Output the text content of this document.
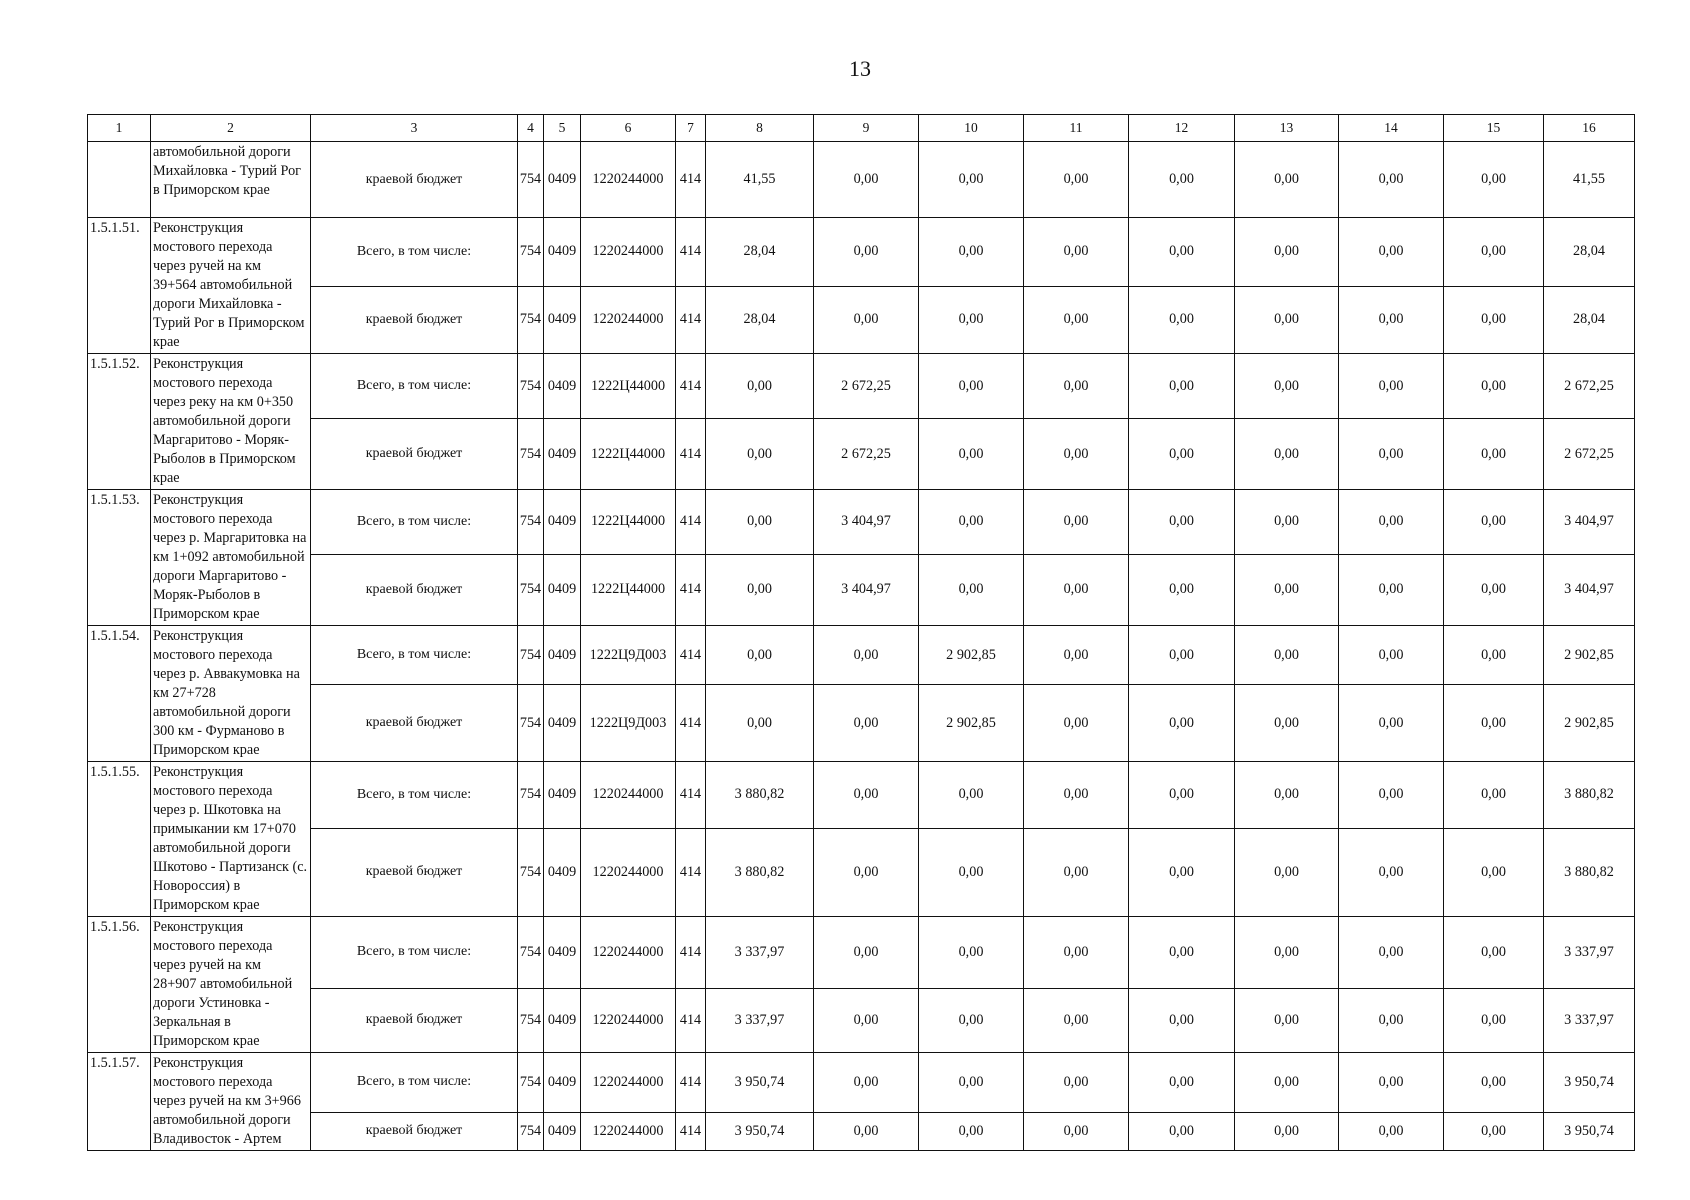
13
1	2	3	4	5	6	7	8	9	10	11	12	13	14	15	16
	автомобильной дороги Михайловка - Турий Рог в Приморском крае	краевой бюджет	754	0409	1220244000	414	41,55	0,00	0,00	0,00	0,00	0,00	0,00	0,00	41,55
1.5.1.51.	Реконструкция мостового перехода через ручей на км 39+564 автомобильной дороги Михайловка - Турий Рог в Приморском крае	Всего, в том числе:	754	0409	1220244000	414	28,04	0,00	0,00	0,00	0,00	0,00	0,00	0,00	28,04
		краевой бюджет	754	0409	1220244000	414	28,04	0,00	0,00	0,00	0,00	0,00	0,00	0,00	28,04
1.5.1.52.	Реконструкция мостового перехода через реку на км 0+350 автомобильной дороги Маргаритово - Моряк-Рыболов в Приморском крае	Всего, в том числе:	754	0409	1222Ц44000	414	0,00	2 672,25	0,00	0,00	0,00	0,00	0,00	0,00	2 672,25
		краевой бюджет	754	0409	1222Ц44000	414	0,00	2 672,25	0,00	0,00	0,00	0,00	0,00	0,00	2 672,25
1.5.1.53.	Реконструкция мостового перехода через р. Маргаритовка на км 1+092 автомобильной дороги Маргаритово - Моряк-Рыболов в Приморском крае	Всего, в том числе:	754	0409	1222Ц44000	414	0,00	3 404,97	0,00	0,00	0,00	0,00	0,00	0,00	3 404,97
		краевой бюджет	754	0409	1222Ц44000	414	0,00	3 404,97	0,00	0,00	0,00	0,00	0,00	0,00	3 404,97
1.5.1.54.	Реконструкция мостового перехода через р. Аввакумовка на км 27+728 автомобильной дороги 300 км - Фурманово в Приморском крае	Всего, в том числе:	754	0409	1222Ц9Д003	414	0,00	0,00	2 902,85	0,00	0,00	0,00	0,00	0,00	2 902,85
		краевой бюджет	754	0409	1222Ц9Д003	414	0,00	0,00	2 902,85	0,00	0,00	0,00	0,00	0,00	2 902,85
1.5.1.55.	Реконструкция мостового перехода через р. Шкотовка на примыкании км 17+070 автомобильной дороги Шкотово - Партизанск (с. Новороссия) в Приморском крае	Всего, в том числе:	754	0409	1220244000	414	3 880,82	0,00	0,00	0,00	0,00	0,00	0,00	0,00	3 880,82
		краевой бюджет	754	0409	1220244000	414	3 880,82	0,00	0,00	0,00	0,00	0,00	0,00	0,00	3 880,82
1.5.1.56.	Реконструкция мостового перехода через ручей на км 28+907 автомобильной дороги Устиновка - Зеркальная в Приморском крае	Всего, в том числе:	754	0409	1220244000	414	3 337,97	0,00	0,00	0,00	0,00	0,00	0,00	0,00	3 337,97
		краевой бюджет	754	0409	1220244000	414	3 337,97	0,00	0,00	0,00	0,00	0,00	0,00	0,00	3 337,97
1.5.1.57.	Реконструкция мостового перехода через ручей на км 3+966 автомобильной дороги Владивосток - Артем	Всего, в том числе:	754	0409	1220244000	414	3 950,74	0,00	0,00	0,00	0,00	0,00	0,00	0,00	3 950,74
		краевой бюджет	754	0409	1220244000	414	3 950,74	0,00	0,00	0,00	0,00	0,00	0,00	0,00	3 950,74
